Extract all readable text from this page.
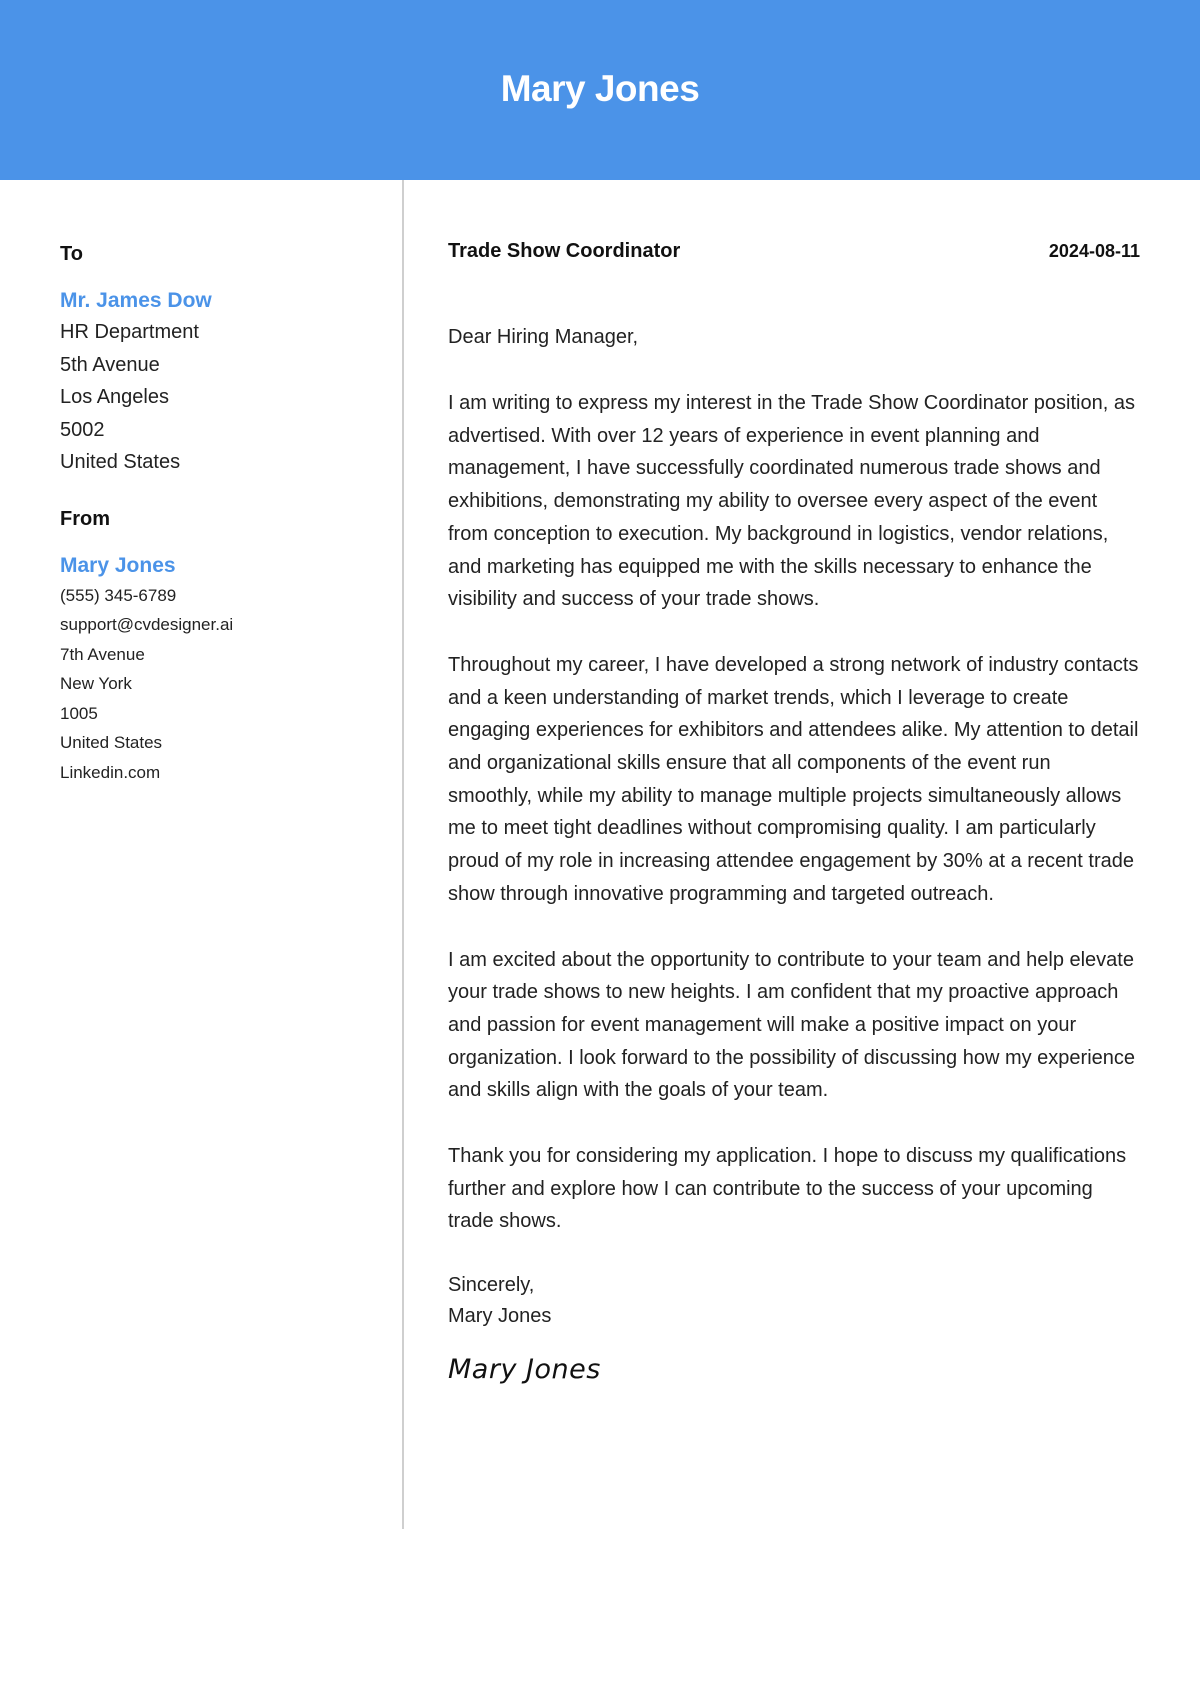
Mary Jones
To
Mr. James Dow
HR Department
5th Avenue
Los Angeles
5002
United States
From
Mary Jones
(555) 345-6789
support@cvdesigner.ai
7th Avenue
New York
1005
United States
Linkedin.com
Trade Show Coordinator	2024-08-11
Dear Hiring Manager,
I am writing to express my interest in the Trade Show Coordinator position, as advertised. With over 12 years of experience in event planning and management, I have successfully coordinated numerous trade shows and exhibitions, demonstrating my ability to oversee every aspect of the event from conception to execution. My background in logistics, vendor relations, and marketing has equipped me with the skills necessary to enhance the visibility and success of your trade shows.
Throughout my career, I have developed a strong network of industry contacts and a keen understanding of market trends, which I leverage to create engaging experiences for exhibitors and attendees alike. My attention to detail and organizational skills ensure that all components of the event run smoothly, while my ability to manage multiple projects simultaneously allows me to meet tight deadlines without compromising quality. I am particularly proud of my role in increasing attendee engagement by 30% at a recent trade show through innovative programming and targeted outreach.
I am excited about the opportunity to contribute to your team and help elevate your trade shows to new heights. I am confident that my proactive approach and passion for event management will make a positive impact on your organization. I look forward to the possibility of discussing how my experience and skills align with the goals of your team.
Thank you for considering my application. I hope to discuss my qualifications further and explore how I can contribute to the success of your upcoming trade shows.
Sincerely,
Mary Jones
Mary Jones
